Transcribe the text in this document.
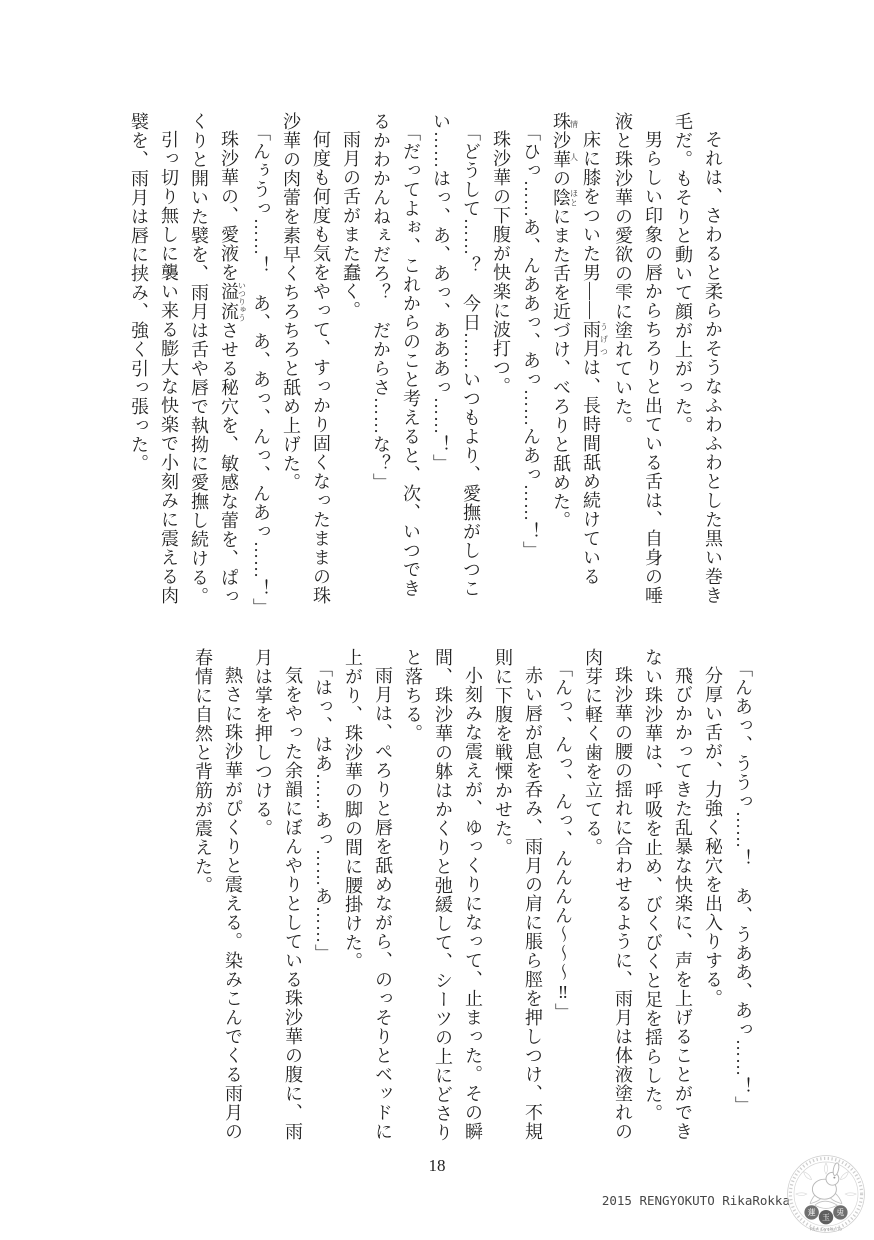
それは、さわると柔らかそうなふわふわとした黒い巻き毛だ。もそりと動いて顔が上がった。

男らしい印象の唇からちろりと出ている舌は、自身の唾液と珠沙華の愛欲の雫に塗れていた。

床に膝をついた男――雨月うげつは、長時間舐め続けている珠沙華情人の陰ほとにまた舌を近づけ、べろりと舐めた。

「ひっ……あ、んああっ、あっ……んあっ……！」

珠沙華の下腹が快楽に波打つ。

「どうして……？　今日……いつもより、愛撫がしつこい……はっ、あ、あっ、あああっ……！」

「だってよぉ、これからのこと考えると、次、いつできるかわかんねぇだろ？　だからさ……な？」

雨月の舌がまた蠢く。

何度も何度も気をやって、すっかり固くなったままの珠沙華の肉蕾を素早くちろちろと舐め上げた。

「んぅうっ……！　あ、あ、あっ、んっ、んあっ……！」

珠沙華の、愛液を溢流いつりゅうさせる秘穴を、敏感な蕾を、ぱっくりと開いた襞を、雨月は舌や唇で執拗に愛撫し続ける。

引っ切り無しに襲い来る膨大な快楽で小刻みに震える肉襞を、雨月は唇に挟み、強く引っ張った。

「んあっ、ううっ……！　あ、うああ、あっ……！」

分厚い舌が、力強く秘穴を出入りする。

飛びかかってきた乱暴な快楽に、声を上げることができない珠沙華は、呼吸を止め、びくびくと足を揺らした。

珠沙華の腰の揺れに合わせるように、雨月は体液塗れの肉芽に軽く歯を立てる。

「んっ、んっ、んっ、んんんん～～～‼」

赤い唇が息を呑み、雨月の肩に脹ら脛を押しつけ、不規則に下腹を戦慄かせた。

小刻みな震えが、ゆっくりになって、止まった。その瞬間、珠沙華の躰はかくりと弛緩して、シーツの上にどさりと落ちる。

雨月は、ぺろりと唇を舐めながら、のっそりとベッドに上がり、珠沙華の脚の間に腰掛けた。

「はっ、はあ……あっ……あ……」

気をやった余韻にぼんやりとしている珠沙華の腹に、雨月は掌を押しつける。

熱さに珠沙華がぴくりと震える。染みこんでくる雨月の春情に自然と背筋が震えた。

18
2015 RENGYOKUTO RikaRokka
蓮
玉
兎
Ren Gyoku To
